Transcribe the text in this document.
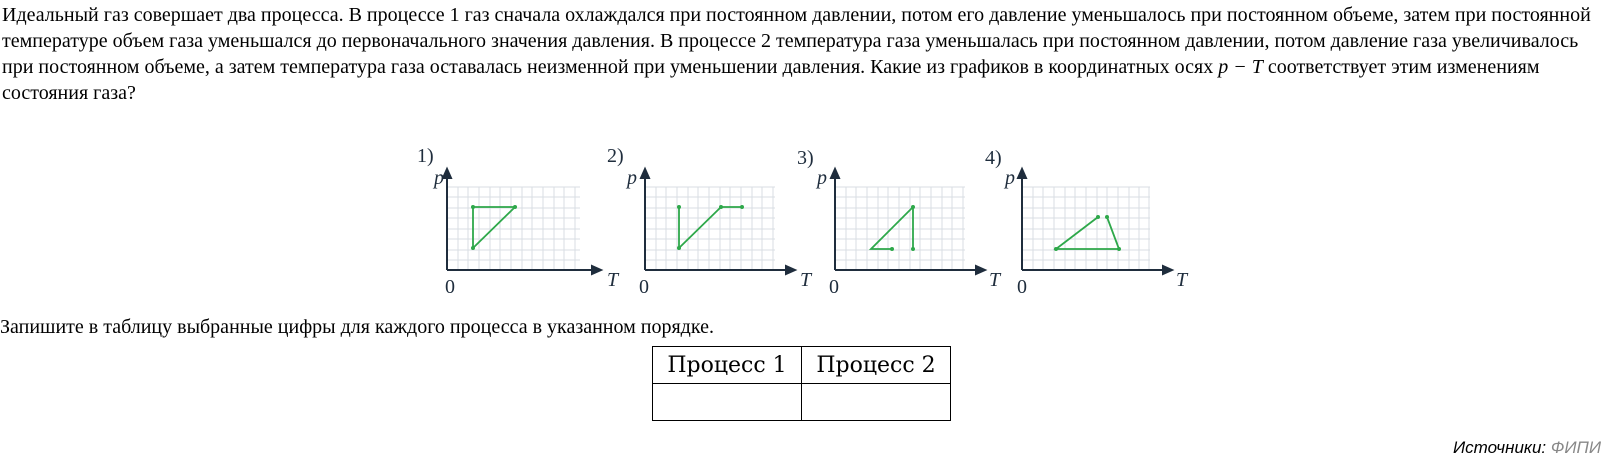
Идеальный газ совершает два процесса. В процессе 1 газ сначала охлаждался при постоянном давлении, потом его давление уменьшалось при постоянном объеме, затем при постоянной температуре объем газа уменьшался до первоначального значения давления. В процессе 2 температура газа уменьшалась при постоянном давлении, потом давление газа увеличивалось при постоянном объеме, а затем температура газа оставалась неизменной при уменьшении давления. Какие из графиков в координатных осях p − T соответствует этим изменениям состояния газа?

1)
p
T
0
2)
p
T
0
3)
p
T
0
4)
p
T
0
Запишите в таблицу выбранные цифры для каждого процесса в указанном порядке.
Процесс 1	Процесс 2

Источники: ФИПИ
